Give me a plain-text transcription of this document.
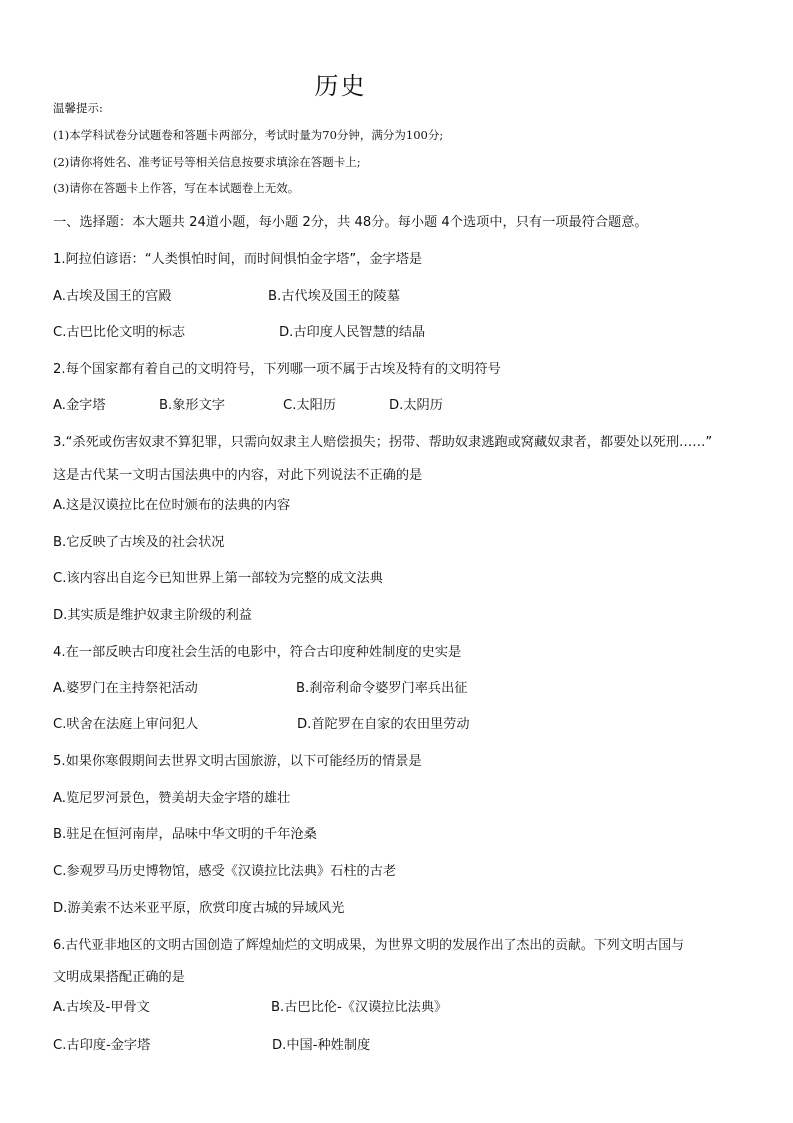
历史
温馨提示:
(1)本学科试卷分试题卷和答题卡两部分，考试时量为70分钟，满分为100分;
(2)请你将姓名、准考证号等相关信息按要求填涂在答题卡上;
(3)请你在答题卡上作答，写在本试题卷上无效。
一、选择题：本大题共 24道小题，每小题 2分，共 48分。每小题 4个选项中，只有一项最符合题意。
1.阿拉伯谚语：“人类惧怕时间，而时间惧怕金字塔”，金字塔是
A.古埃及国王的宫殿	B.古代埃及国王的陵墓
C.古巴比伦文明的标志	D.古印度人民智慧的结晶
2.每个国家都有着自己的文明符号，下列哪一项不属于古埃及特有的文明符号
A.金字塔	B.象形文字	C.太阳历	D.太阴历
3.“杀死或伤害奴隶不算犯罪，只需向奴隶主人赔偿损失；拐带、帮助奴隶逃跑或窝藏奴隶者，都要处以死刑……”
这是古代某一文明古国法典中的内容，对此下列说法不正确的是
A.这是汉谟拉比在位时颁布的法典的内容
B.它反映了古埃及的社会状况
C.该内容出自迄今已知世界上第一部较为完整的成文法典
D.其实质是维护奴隶主阶级的利益
4.在一部反映古印度社会生活的电影中，符合古印度种姓制度的史实是
A.婆罗门在主持祭祀活动	B.刹帝利命令婆罗门率兵出征
C.吠舍在法庭上审问犯人	D.首陀罗在自家的农田里劳动
5.如果你寒假期间去世界文明古国旅游，以下可能经历的情景是
A.览尼罗河景色，赞美胡夫金字塔的雄壮
B.驻足在恒河南岸，品味中华文明的千年沧桑
C.参观罗马历史博物馆，感受《汉谟拉比法典》石柱的古老
D.游美索不达米亚平原，欣赏印度古城的异域风光
6.古代亚非地区的文明古国创造了辉煌灿烂的文明成果，为世界文明的发展作出了杰出的贡献。下列文明古国与
文明成果搭配正确的是
A.古埃及-甲骨文	B.古巴比伦-《汉谟拉比法典》
C.古印度-金字塔	D.中国-种姓制度
